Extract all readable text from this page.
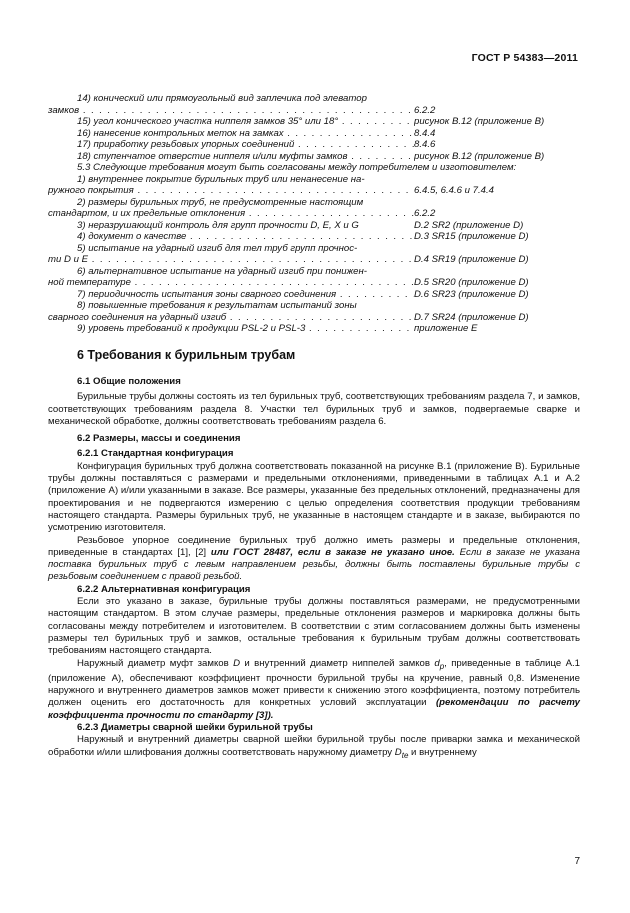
ГОСТ Р 54383—2011
14) конический или прямоугольный вид заплечика под элеватор
замков . . .	6.2.2
15) угол конического участка ниппеля замков 35° или 18° . . .	рисунок В.12 (приложение В)
16) нанесение контрольных меток на замках . . .	8.4.4
17) приработку резьбовых упорных соединений . . .	8.4.6
18) ступенчатое отверстие ниппеля и/или муфты замков . . .	рисунок В.12 (приложение В)
5.3 Следующие требования могут быть согласованы между потребителем и изготовителем:
1) внутреннее покрытие бурильных труб или ненанесение на-
ружного покрытия . . .	6.4.5, 6.4.6 и 7.4.4
2) размеры бурильных труб, не предусмотренные настоящим
стандартом, и их предельные отклонения . . .	6.2.2
3) неразрушающий контроль для групп прочности D, E, X и G	D.2 SR2 (приложение D)
4) документ о качестве . . .	D.3 SR15 (приложение D)
5) испытание на ударный изгиб для тел труб групп прочнос-
ти D и E . . .	D.4 SR19 (приложение D)
6) альтернативное испытание на ударный изгиб при понижен-
ной температуре . . .	D.5 SR20 (приложение D)
7) периодичность испытания зоны сварного соединения . . .	D.6 SR23 (приложение D)
8) повышенные требования к результатам испытаний зоны
сварного соединения на ударный изгиб . . .	D.7 SR24 (приложение D)
9) уровень требований к продукции PSL-2 и PSL-3 . . .	приложение Е
6 Требования к бурильным трубам

6.1 Общие положения

Бурильные трубы должны состоять из тел бурильных труб, соответствующих требованиям раздела 7, и замков, соответствующих требованиям раздела 8. Участки тел бурильных труб и замков, подвергаемые сварке и механической обработке, должны соответствовать требованиям раздела 6.

6.2 Размеры, массы и соединения

6.2.1 Стандартная конфигурация

Конфигурация бурильных труб должна соответствовать показанной на рисунке В.1 (приложение В). Бурильные трубы должны поставляться с размерами и предельными отклонениями, приведенными в таблицах А.1 и А.2 (приложение А) и/или указанными в заказе. Все размеры, указанные без предельных отклонений, предназначены для проектирования и не подвергаются измерению с целью определения соответствия продукции требованиям настоящего стандарта. Размеры бурильных труб, не указанные в настоящем стандарте и в заказе, выбираются по усмотрению изготовителя.

Резьбовое упорное соединение бурильных труб должно иметь размеры и предельные отклонения, приведенные в стандартах [1], [2] или ГОСТ 28487, если в заказе не указано иное. Если в заказе не указана поставка бурильных труб с левым направлением резьбы, должны быть поставлены бурильные трубы с резьбовым соединением с правой резьбой.

6.2.2 Альтернативная конфигурация

Если это указано в заказе, бурильные трубы должны поставляться размерами, не предусмотренными настоящим стандартом. В этом случае размеры, предельные отклонения размеров и маркировка должны быть согласованы между потребителем и изготовителем. В соответствии с этим согласованием должны быть изменены размеры тел бурильных труб и замков, остальные требования к бурильным трубам должны соответствовать требованиям настоящего стандарта.

Наружный диаметр муфт замков D и внутренний диаметр ниппелей замков $d_p$, приведенные в таблице А.1 (приложение А), обеспечивают коэффициент прочности бурильной трубы на кручение, равный 0,8. Изменение наружного и внутреннего диаметров замков может привести к снижению этого коэффициента, поэтому потребитель должен оценить его достаточность для конкретных условий эксплуатации (рекомендации по расчету коэффициента прочности по стандарту [3]).

6.2.3 Диаметры сварной шейки бурильной трубы

Наружный и внутренний диаметры сварной шейки бурильной трубы после приварки замка и механической обработки и/или шлифования должны соответствовать наружному диаметру $D_{te}$ и внутреннему

7
